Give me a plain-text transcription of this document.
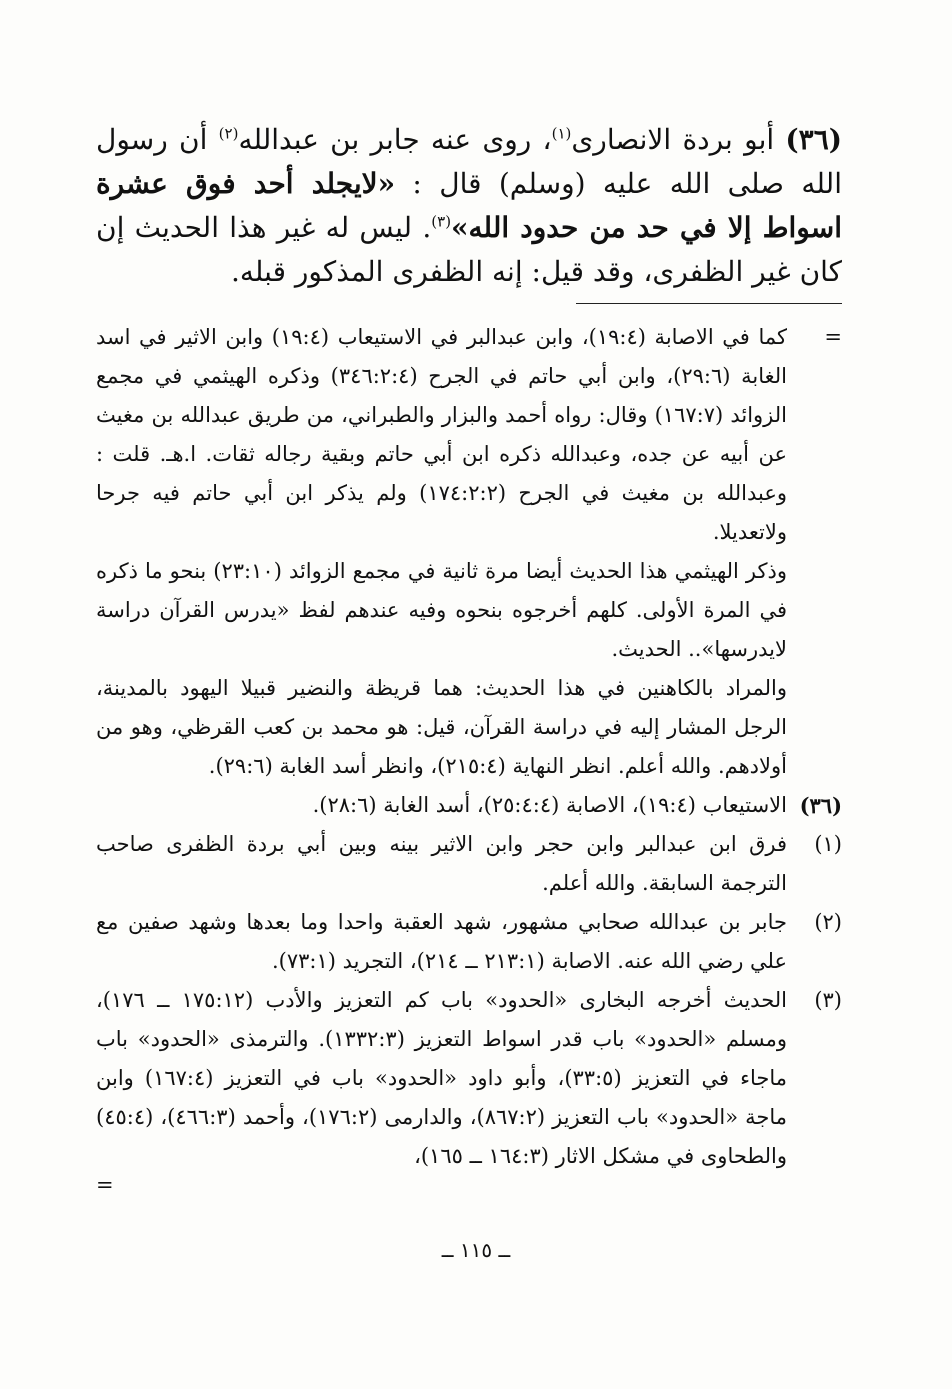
(٣٦) أبو بردة الانصارى$^{(١)}$، روى عنه جابر بن عبدالله$^{(٢)}$ أن رسول الله صلى الله عليه (وسلم) قال : «لايجلد أحد فوق عشرة اسواط إلا في حد من حدود الله»$^{(٣)}$. ليس له غير هذا الحديث إن كان غير الظفرى، وقد قيل: إنه الظفرى المذكور قبله.

=

كما في الاصابة (١٩:٤)، وابن عبدالبر في الاستيعاب (١٩:٤) وابن الاثير في اسد الغابة (٢٩:٦)، وابن أبي حاتم في الجرح (٣٤٦:٢:٤) وذكره الهيثمي في مجمع الزوائد (١٦٧:٧) وقال: رواه أحمد والبزار والطبراني، من طريق عبدالله بن مغيث عن أبيه عن جده، وعبدالله ذكره ابن أبي حاتم وبقية رجاله ثقات. ا.هـ. قلت : وعبدالله بن مغيث في الجرح (١٧٤:٢:٢) ولم يذكر ابن أبي حاتم فيه جرحا ولاتعديلا.

وذكر الهيثمي هذا الحديث أيضا مرة ثانية في مجمع الزوائد (٢٣:١٠) بنحو ما ذكره في المرة الأولى. كلهم أخرجوه بنحوه وفيه عندهم لفظ «يدرس القرآن دراسة لايدرسها».. الحديث.

والمراد بالكاهنين في هذا الحديث: هما قريظة والنضير قبيلا اليهود بالمدينة، الرجل المشار إليه في دراسة القرآن، قيل: هو محمد بن كعب القرظي، وهو من أولادهم. والله أعلم. انظر النهاية (٢١٥:٤)، وانظر أسد الغابة (٢٩:٦).

(٣٦)

الاستيعاب (١٩:٤)، الاصابة (٢٥:٤:٤)، أسد الغابة (٢٨:٦).

(١)

فرق ابن عبدالبر وابن حجر وابن الاثير بينه وبين أبي بردة الظفرى صاحب الترجمة السابقة. والله أعلم.

(٢)

جابر بن عبدالله صحابي مشهور، شهد العقبة واحدا وما بعدها وشهد صفين مع علي رضي الله عنه. الاصابة (٢١٣:١ ــ ٢١٤)، التجريد (٧٣:١).

(٣)

الحديث أخرجه البخارى «الحدود» باب كم التعزيز والأدب (١٧٥:١٢ ــ ١٧٦)، ومسلم «الحدود» باب قدر اسواط التعزيز (١٣٣٢:٣). والترمذى «الحدود» باب ماجاء في التعزيز (٣٣:٥)، وأبو داود «الحدود» باب في التعزيز (١٦٧:٤) وابن ماجة «الحدود» باب التعزيز (٨٦٧:٢)، والدارمى (١٧٦:٢)، وأحمد (٤٦٦:٣)، (٤٥:٤) والطحاوى في مشكل الاثار (١٦٤:٣ ــ ١٦٥)،

=
ــ ١١٥ ــ
